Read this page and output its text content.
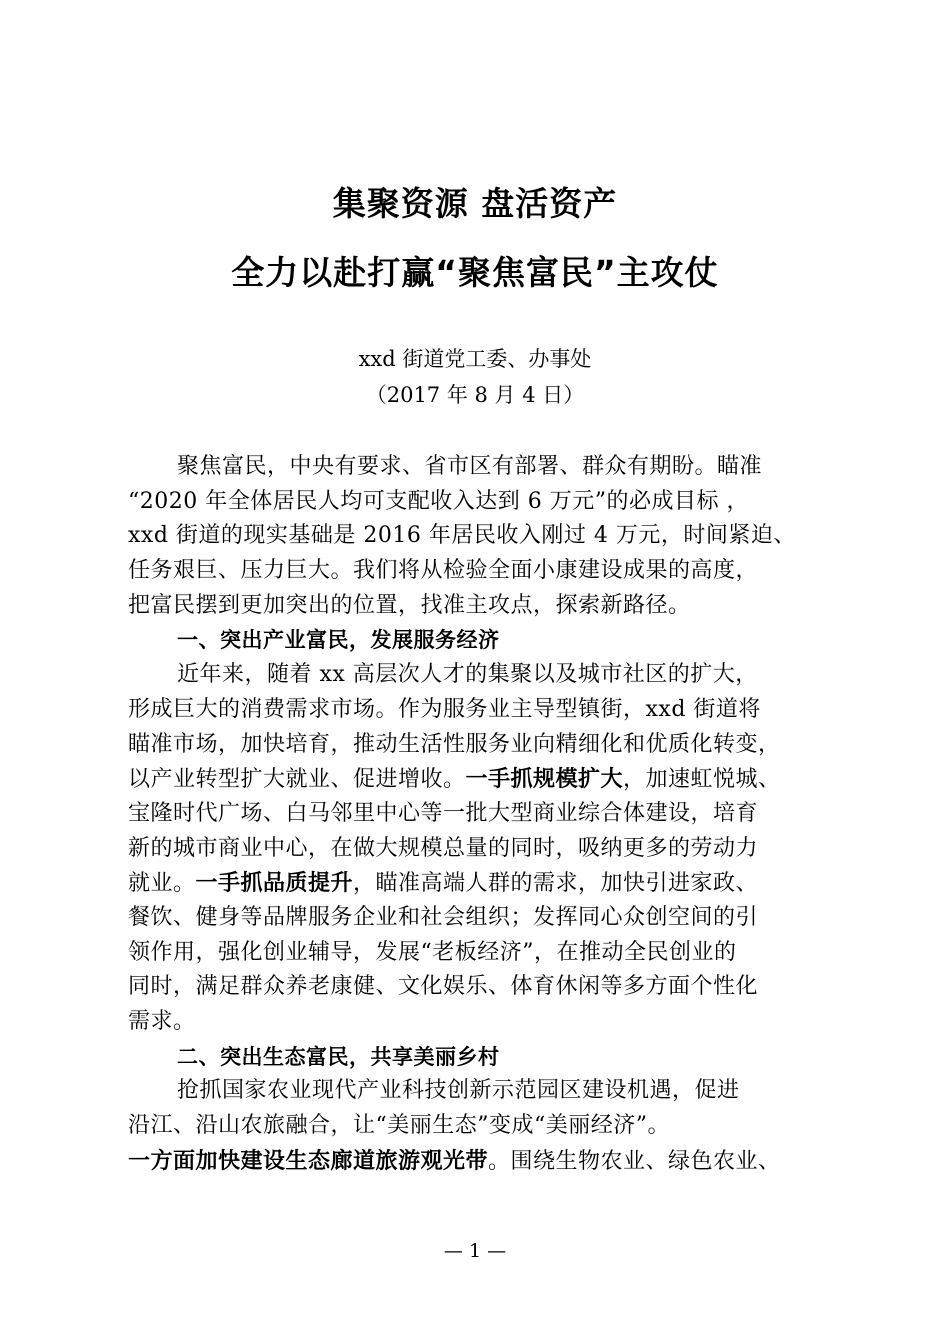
集聚资源 盘活资产
全力以赴打赢“聚焦富民”主攻仗
xxd 街道党工委、办事处
（2017 年 8 月 4 日）
聚焦富民，中央有要求、省市区有部署、群众有期盼。瞄准
“2020 年全体居民人均可支配收入达到 6 万元”的必成目标 ，
xxd 街道的现实基础是 2016 年居民收入刚过 4 万元，时间紧迫、
任务艰巨、压力巨大。我们将从检验全面小康建设成果的高度，
把富民摆到更加突出的位置，找准主攻点，探索新路径。
一、突出产业富民，发展服务经济
近年来，随着 xx 高层次人才的集聚以及城市社区的扩大，
形成巨大的消费需求市场。作为服务业主导型镇街，xxd 街道将
瞄准市场，加快培育，推动生活性服务业向精细化和优质化转变，
以产业转型扩大就业、促进增收。一手抓规模扩大，加速虹悦城、
宝隆时代广场、白马邻里中心等一批大型商业综合体建设，培育
新的城市商业中心，在做大规模总量的同时，吸纳更多的劳动力
就业。一手抓品质提升，瞄准高端人群的需求，加快引进家政、
餐饮、健身等品牌服务企业和社会组织；发挥同心众创空间的引
领作用，强化创业辅导，发展“老板经济”，在推动全民创业的
同时，满足群众养老康健、文化娱乐、体育休闲等多方面个性化
需求。
二、突出生态富民，共享美丽乡村
抢抓国家农业现代产业科技创新示范园区建设机遇，促进
沿江、沿山农旅融合，让“美丽生态”变成“美丽经济”。
一方面加快建设生态廊道旅游观光带。围绕生物农业、绿色农业、
— 1 —
